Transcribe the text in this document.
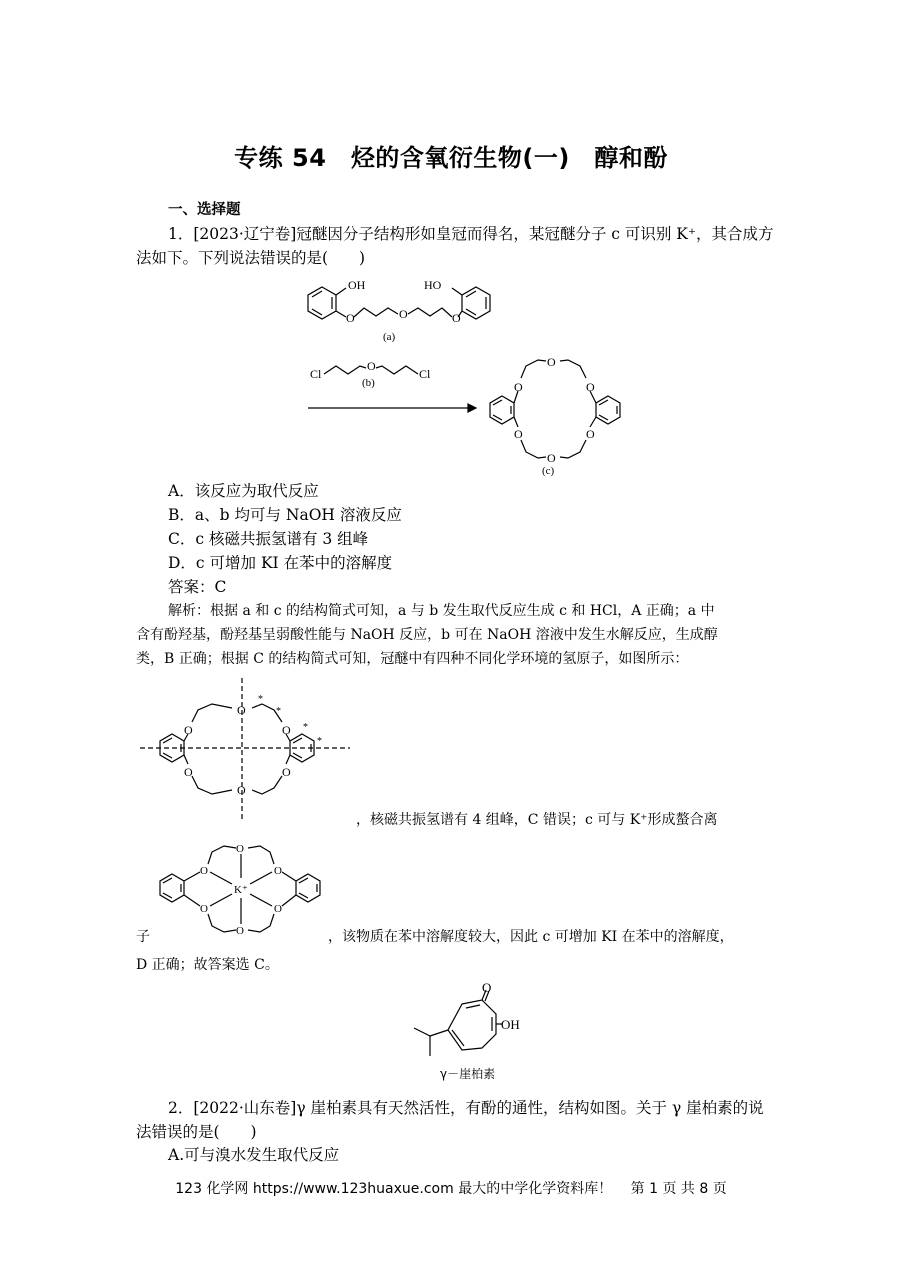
专练 54　烃的含氧衍生物(一)　醇和酚
一、选择题
1．[2023·辽宁卷]冠醚因分子结构形如皇冠而得名，某冠醚分子 c 可识别 K⁺，其合成方
法如下。下列说法错误的是(　　)
OH	HO
O	O	O
(a)
Cl
O
Cl
(b)	O
O
O
O
O
O
(c)
A．该反应为取代反应
B．a、b 均可与 NaOH 溶液反应
C．c 核磁共振氢谱有 3 组峰
D．c 可增加 KI 在苯中的溶解度
答案：C
解析：根据 a 和 c 的结构简式可知，a 与 b 发生取代反应生成 c 和 HCl，A 正确；a 中
含有酚羟基，酚羟基呈弱酸性能与 NaOH 反应，b 可在 NaOH 溶液中发生水解反应，生成醇
类，B 正确；根据 C 的结构简式可知，冠醚中有四种不同化学环境的氢原子，如图所示：
O
O
O
O
O
O
*
*
*
*
，核磁共振氢谱有 4 组峰，C 错误；c 可与 K⁺形成螯合离
O
O
O
O
O
O
K⁺
子	，该物质在苯中溶解度较大，因此 c 可增加 KI 在苯中的溶解度，
D 正确；故答案选 C。
O
OH
γ－崖柏素
2．[2022·山东卷]γ 崖柏素具有天然活性，有酚的通性，结构如图。关于 γ 崖柏素的说
法错误的是(　　)
A.可与溴水发生取代反应
123 化学网 https://www.123huaxue.com 最大的中学化学资料库！　 第 1 页 共 8 页
